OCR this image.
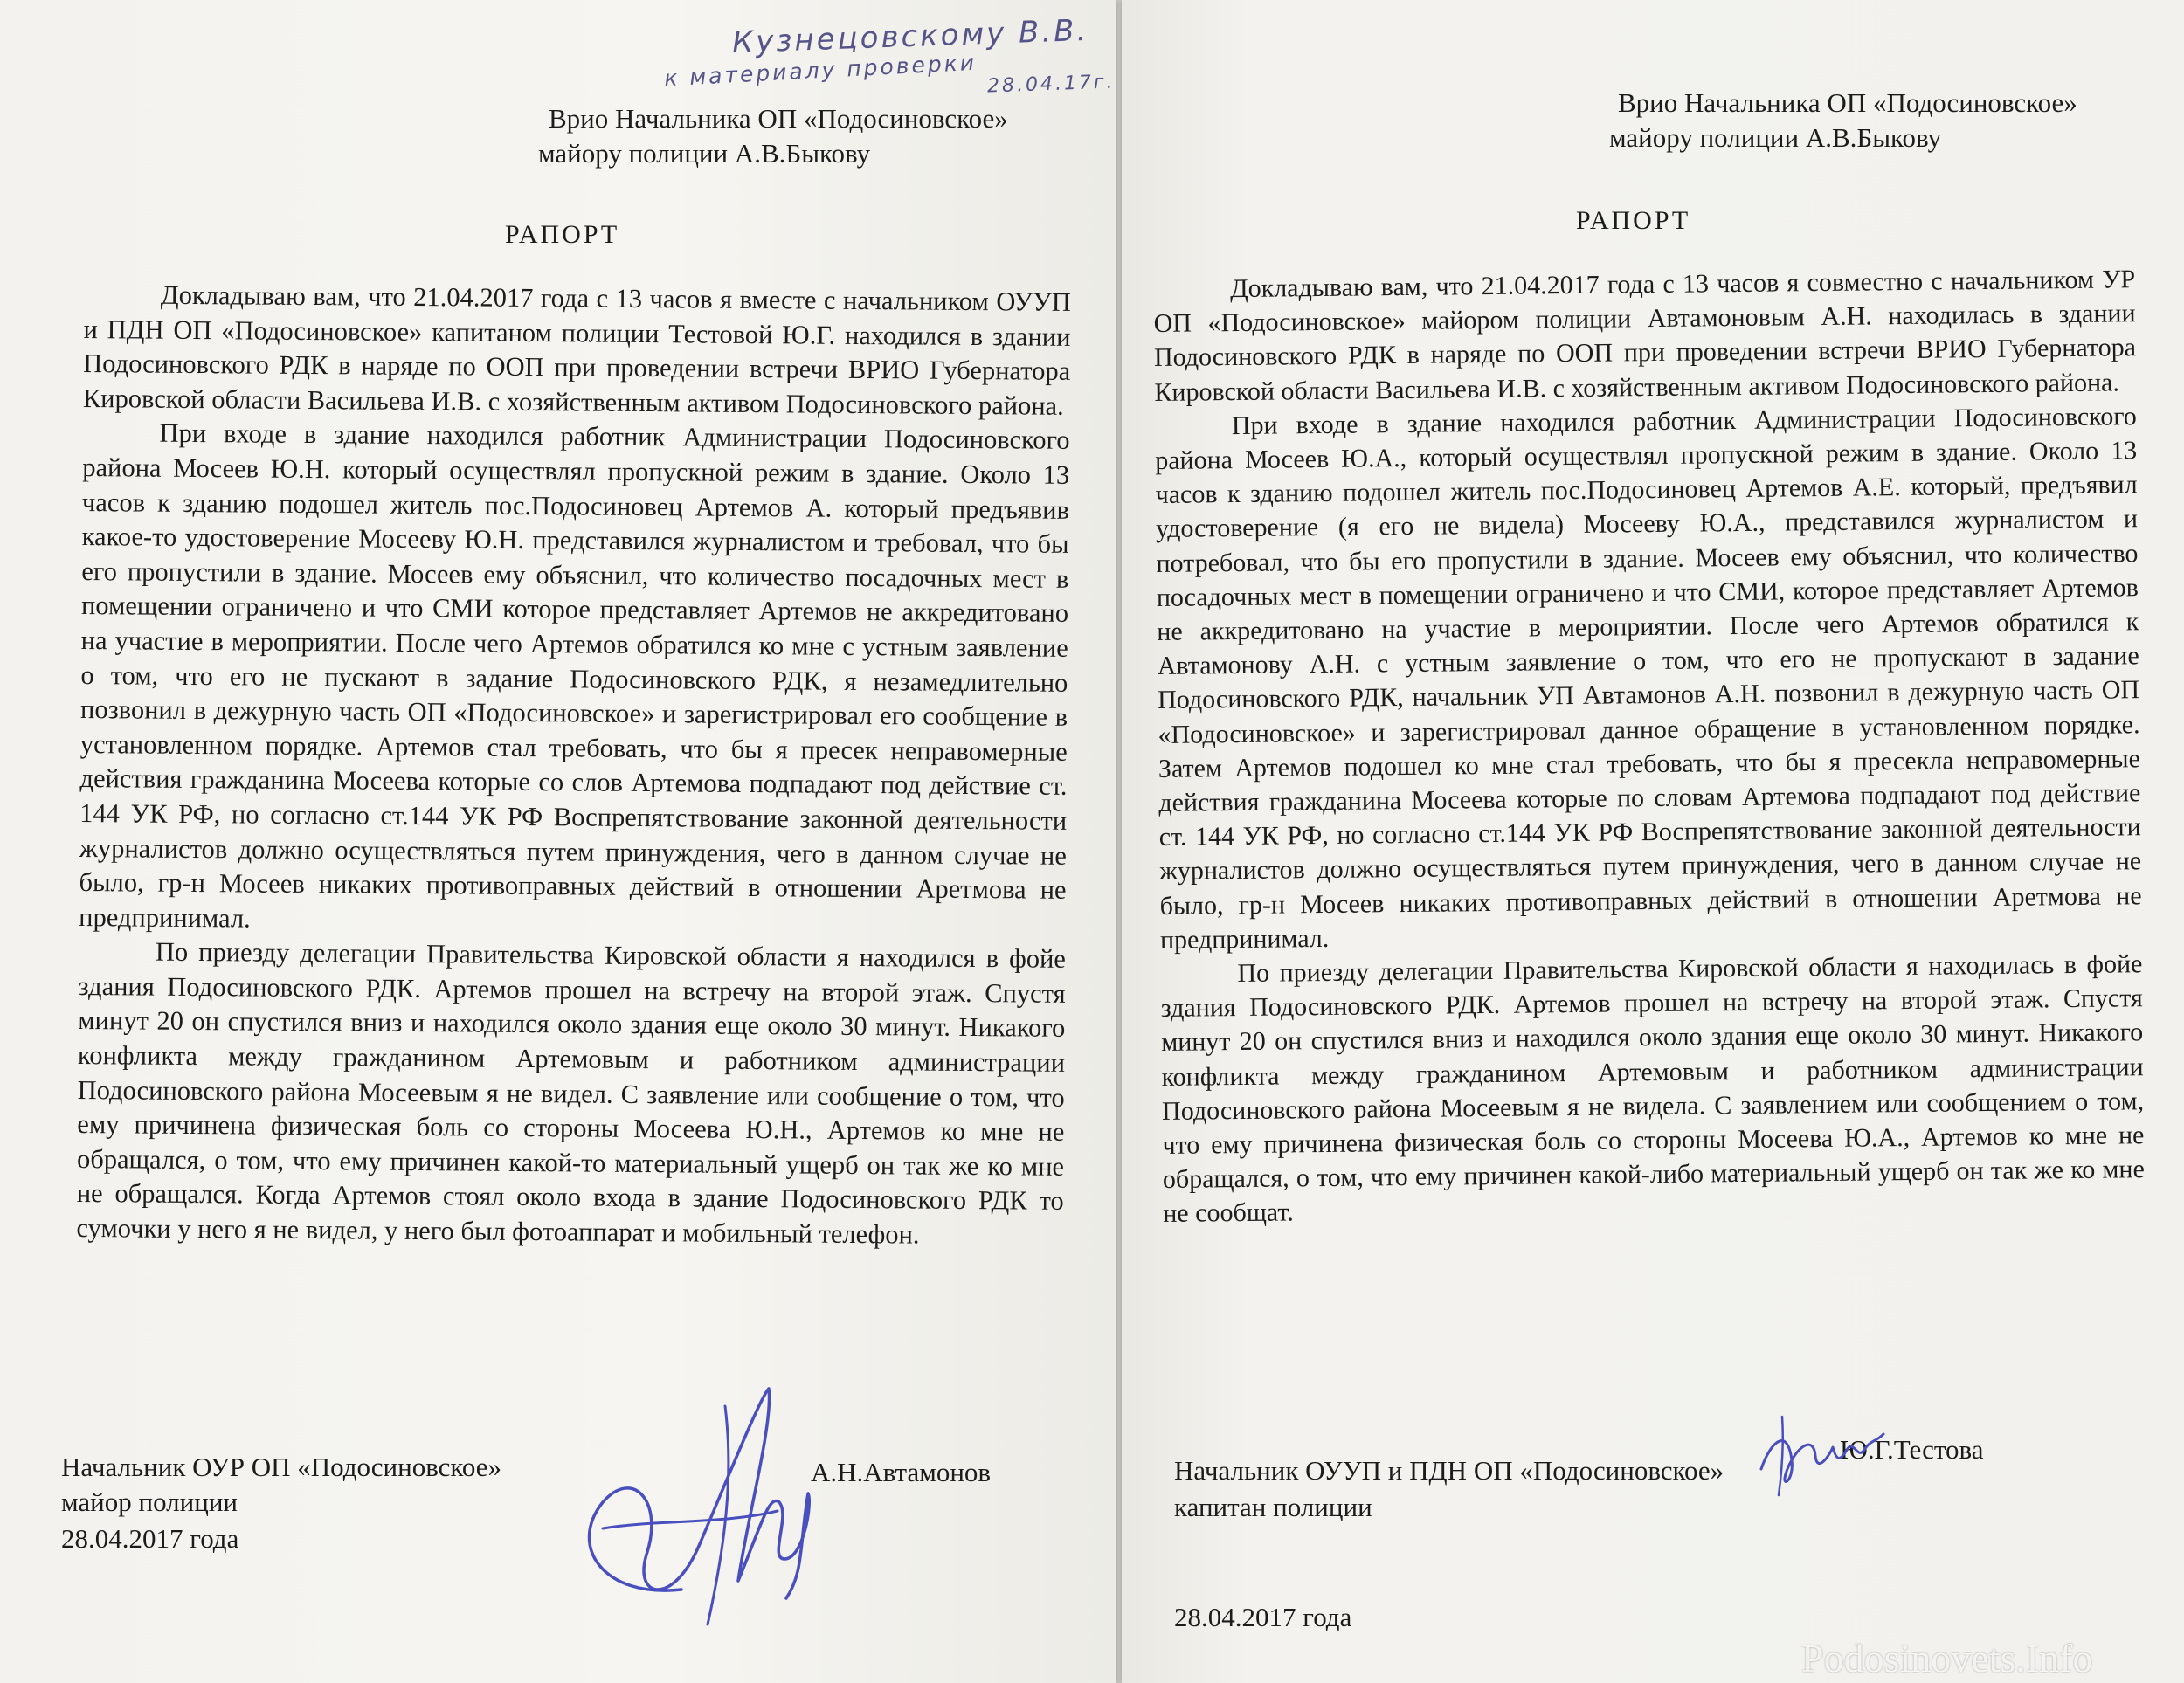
Кузнецовскому В.В.
к материалу проверки 28.04.17г.
Врио Начальника ОП «Подосиновское»
майору полиции А.В.Быкову
РАПОРТ

Докладываю вам, что 21.04.2017 года с 13 часов я вместе с начальником ОУУП и ПДН ОП «Подосиновское» капитаном полиции Тестовой Ю.Г. находился в здании Подосиновского РДК в наряде по ООП при проведении встречи ВРИО Губернатора Кировской области Васильева И.В. с хозяйственным активом Подосиновского района.

При входе в здание находился работник Администрации Подосиновского района Мосеев Ю.Н. который осуществлял пропускной режим в здание. Около 13 часов к зданию подошел житель пос.Подосиновец Артемов А. который предъявив какое-то удостоверение Мосееву Ю.Н. представился журналистом и требовал, что бы его пропустили в здание. Мосеев ему объяснил, что количество посадочных мест в помещении ограничено и что СМИ которое представляет Артемов не аккредитовано на участие в мероприятии. После чего Артемов обратился ко мне с устным заявление о том, что его не пускают в задание Подосиновского РДК, я незамедлительно позвонил в дежурную часть ОП «Подосиновское» и зарегистрировал его сообщение в установленном порядке. Артемов стал требовать, что бы я пресек неправомерные действия гражданина Мосеева которые со слов Артемова подпадают под действие ст. 144 УК РФ, но согласно ст.144 УК РФ Воспрепятствование законной деятельности журналистов должно осуществляться путем принуждения, чего в данном случае не было, гр-н Мосеев никаких противоправных действий в отношении Аретмова не предпринимал.

По приезду делегации Правительства Кировской области я находился в фойе здания Подосиновского РДК. Артемов прошел на встречу на второй этаж. Спустя минут 20 он спустился вниз и находился около здания еще около 30 минут. Никакого конфликта между гражданином Артемовым и работником администрации Подосиновского района Мосеевым я не видел. С заявление или сообщение о том, что ему причинена физическая боль со стороны Мосеева Ю.Н., Артемов ко мне не обращался, о том, что ему причинен какой-то материальный ущерб он так же ко мне не обращался. Когда Артемов стоял около входа в здание Подосиновского РДК то сумочки у него я не видел, у него был фотоаппарат и мобильный телефон.

Начальник ОУР ОП «Подосиновское»
майор полиции
28.04.2017 года
А.Н.Автамонов
Врио Начальника ОП «Подосиновское»
майору полиции А.В.Быкову
РАПОРТ

Докладываю вам, что 21.04.2017 года с 13 часов я совместно с начальником УР ОП «Подосиновское» майором полиции Автамоновым А.Н. находилась в здании Подосиновского РДК в наряде по ООП при проведении встречи ВРИО Губернатора Кировской области Васильева И.В. с хозяйственным активом Подосиновского района.

При входе в здание находился работник Администрации Подосиновского района Мосеев Ю.А., который осуществлял пропускной режим в здание. Около 13 часов к зданию подошел житель пос.Подосиновец Артемов А.Е. который, предъявил удостоверение (я его не видела) Мосееву Ю.А., представился журналистом и потребовал, что бы его пропустили в здание. Мосеев ему объяснил, что количество посадочных мест в помещении ограничено и что СМИ, которое представляет Артемов не аккредитовано на участие в мероприятии. После чего Артемов обратился к Автамонову А.Н. с устным заявление о том, что его не пропускают в задание Подосиновского РДК, начальник УП Автамонов А.Н. позвонил в дежурную часть ОП «Подосиновское» и зарегистрировал данное обращение в установленном порядке. Затем Артемов подошел ко мне стал требовать, что бы я пресекла неправомерные действия гражданина Мосеева которые по словам Артемова подпадают под действие ст. 144 УК РФ, но согласно ст.144 УК РФ Воспрепятствование законной деятельности журналистов должно осуществляться путем принуждения, чего в данном случае не было, гр-н Мосеев никаких противоправных действий в отношении Аретмова не предпринимал.

По приезду делегации Правительства Кировской области я находилась в фойе здания Подосиновского РДК. Артемов прошел на встречу на второй этаж. Спустя минут 20 он спустился вниз и находился около здания еще около 30 минут. Никакого конфликта между гражданином Артемовым и работником администрации Подосиновского района Мосеевым я не видела. С заявлением или сообщением о том, что ему причинена физическая боль со стороны Мосеева Ю.А., Артемов ко мне не обращался, о том, что ему причинен какой-либо материальный ущерб он так же ко мне не сообщат.

Начальник ОУУП и ПДН ОП «Подосиновское»
капитан полиции
Ю.Г.Тестова
28.04.2017 года
Podosinovets.Info
